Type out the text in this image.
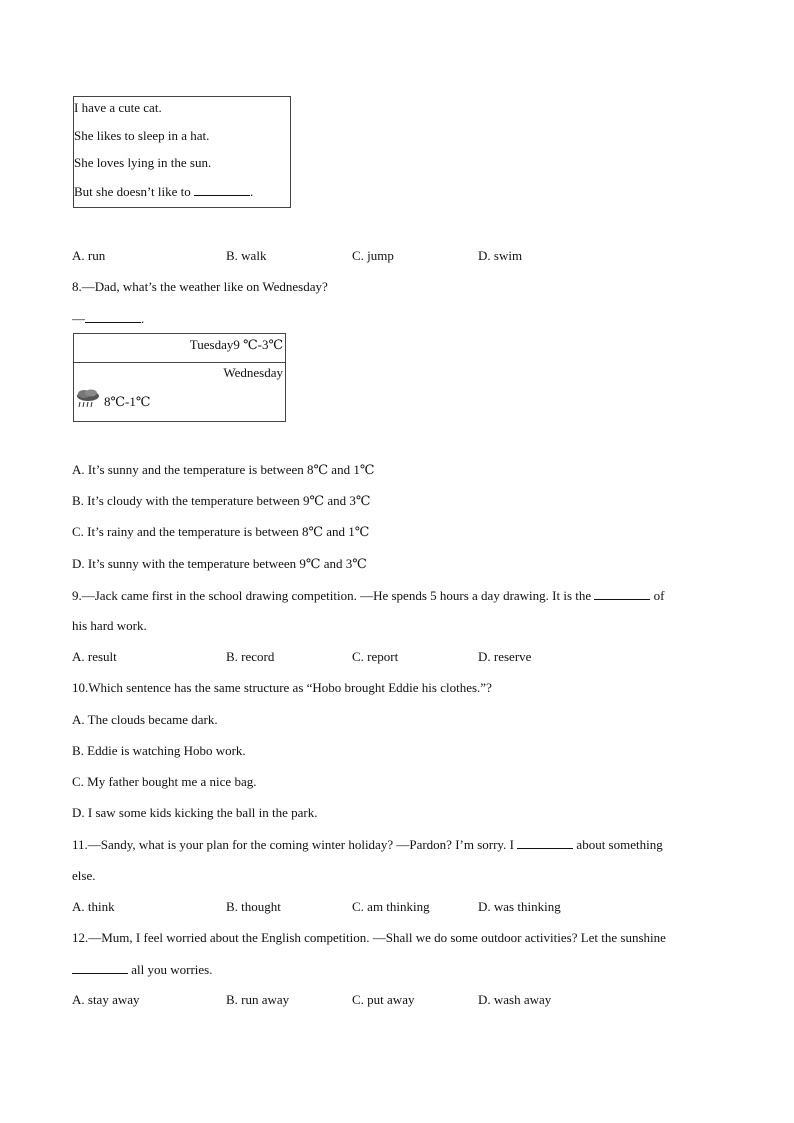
I have a cute cat.
She likes to sleep in a hat.
She loves lying in the sun.
But she doesn’t like to	.
A. run	B. walk	C. jump	D. swim
8.—Dad, what’s the weather like on Wednesday?
—	.
Tuesday9 ℃-3℃
Wednesday
8℃-1℃
A. It’s sunny and the temperature is between 8℃ and 1℃
B. It’s cloudy with the temperature between 9℃ and 3℃
C. It’s rainy and the temperature is between 8℃ and 1℃
D. It’s sunny with the temperature between 9℃ and 3℃
9.—Jack came first in the school drawing competition. —He spends 5 hours a day drawing. It is the	of
his hard work.
A. result	B. record	C. report	D. reserve
10.Which sentence has the same structure as “Hobo brought Eddie his clothes.”?
A. The clouds became dark.
B. Eddie is watching Hobo work.
C. My father bought me a nice bag.
D. I saw some kids kicking the ball in the park.
11.—Sandy, what is your plan for the coming winter holiday? —Pardon? I’m sorry. I	about something
else.
A. think	B. thought	C. am thinking	D. was thinking
12.—Mum, I feel worried about the English competition. —Shall we do some outdoor activities? Let the sunshine
all you worries.
A. stay away	B. run away	C. put away	D. wash away
